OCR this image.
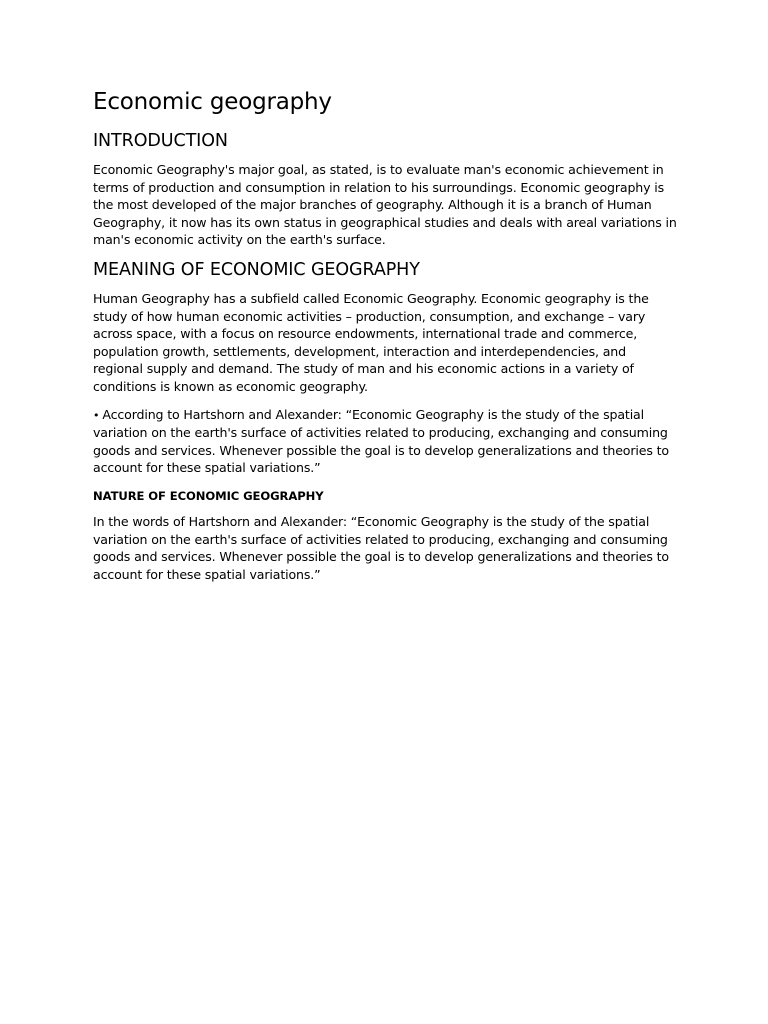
Economic geography
INTRODUCTION

Economic Geography's major goal, as stated, is to evaluate man's economic achievement in terms of production and consumption in relation to his surroundings. Economic geography is the most developed of the major branches of geography. Although it is a branch of Human Geography, it now has its own status in geographical studies and deals with areal variations in man's economic activity on the earth's surface.

MEANING OF ECONOMIC GEOGRAPHY

Human Geography has a subfield called Economic Geography. Economic geography is the study of how human economic activities – production, consumption, and exchange – vary across space, with a focus on resource endowments, international trade and commerce, population growth, settlements, development, interaction and interdependencies, and regional supply and demand. The study of man and his economic actions in a variety of conditions is known as economic geography.

• According to Hartshorn and Alexander: “Economic Geography is the study of the spatial variation on the earth's surface of activities related to producing, exchanging and consuming goods and services. Whenever possible the goal is to develop generalizations and theories to account for these spatial variations.”

NATURE OF ECONOMIC GEOGRAPHY

In the words of Hartshorn and Alexander: “Economic Geography is the study of the spatial variation on the earth's surface of activities related to producing, exchanging and consuming goods and services. Whenever possible the goal is to develop generalizations and theories to account for these spatial variations.”
